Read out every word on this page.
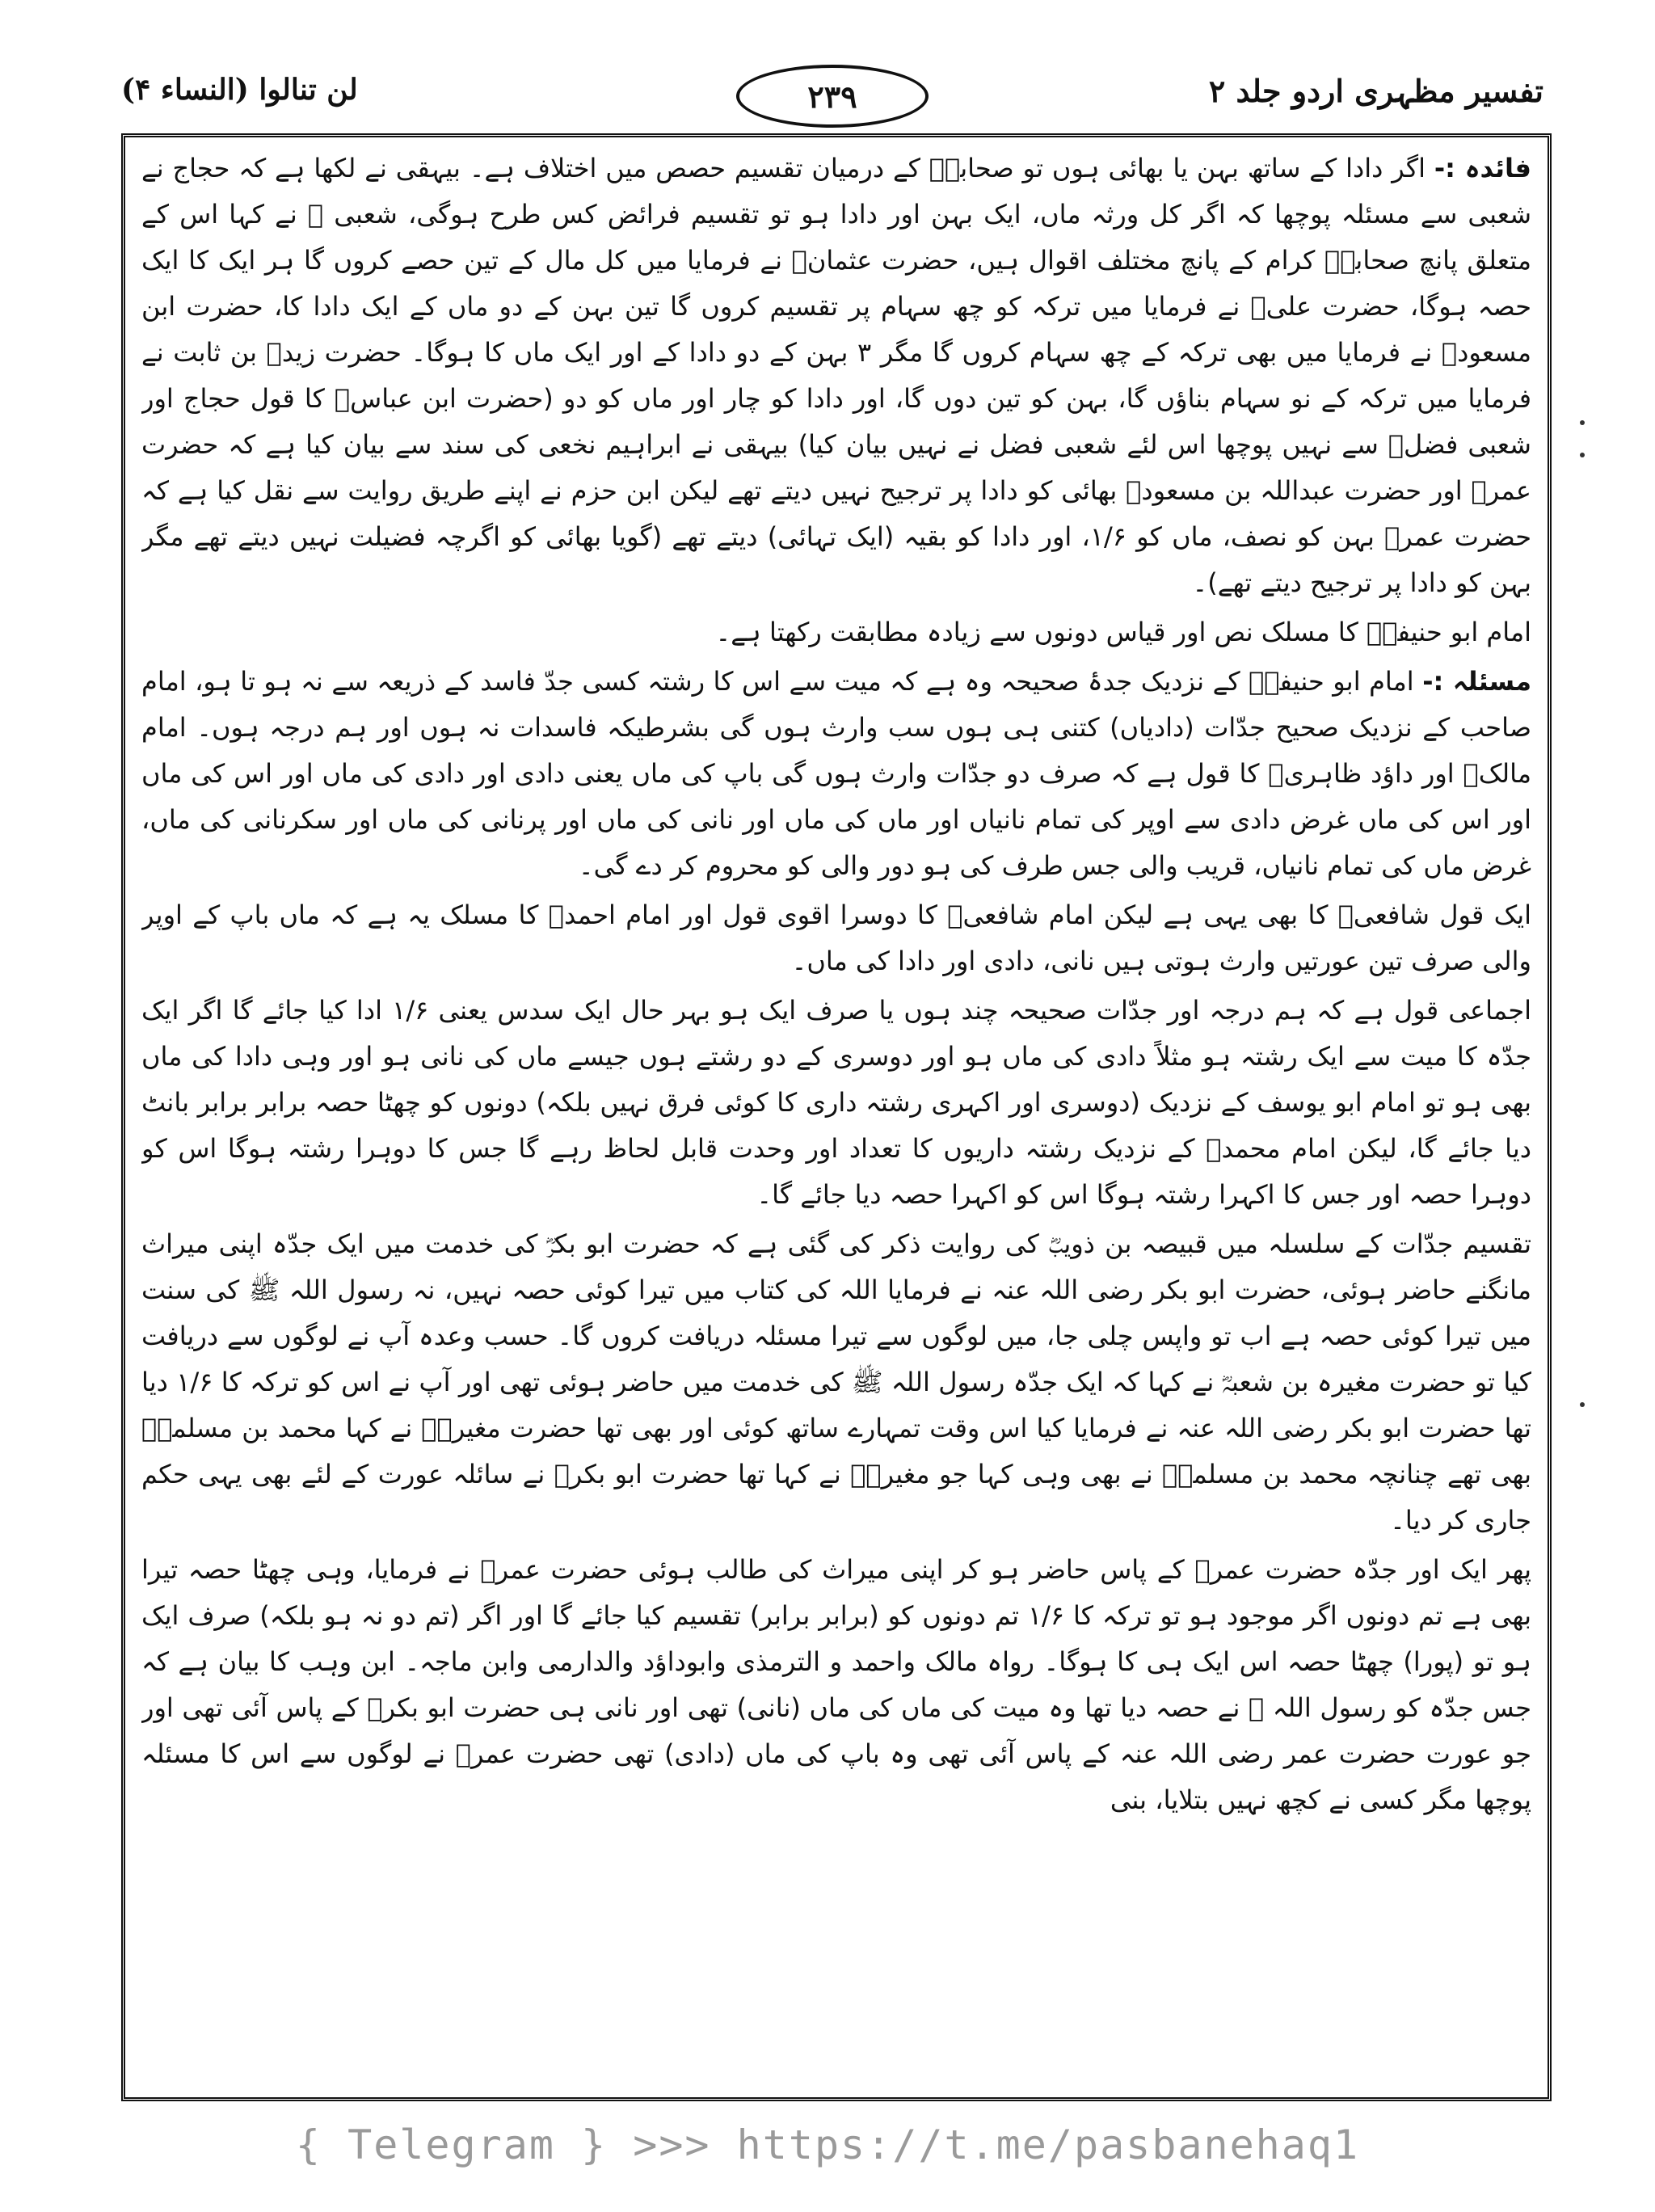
تفسیر مظہری اردو جلد ۲
۲۳۹
لن تنالوا (النساء ۴)

فائدہ :- اگر دادا کے ساتھ بہن یا بھائی ہوں تو صحابہؓ کے درمیان تقسیم حصص میں اختلاف ہے۔ بیہقی نے لکھا ہے کہ حجاج نے شعبی سے مسئلہ پوچھا کہ اگر کل ورثہ ماں، ایک بہن اور دادا ہو تو تقسیم فرائض کس طرح ہوگی، شعبی ؒ نے کہا اس کے متعلق پانچ صحابہؓ کرام کے پانچ مختلف اقوال ہیں، حضرت عثمانؓ نے فرمایا میں کل مال کے تین حصے کروں گا ہر ایک کا ایک حصہ ہوگا، حضرت علیؓ نے فرمایا میں ترکہ کو چھ سہام پر تقسیم کروں گا تین بہن کے دو ماں کے ایک دادا کا، حضرت ابن مسعودؓ نے فرمایا میں بھی ترکہ کے چھ سہام کروں گا مگر ۳ بہن کے دو دادا کے اور ایک ماں کا ہوگا۔ حضرت زیدؓ بن ثابت نے فرمایا میں ترکہ کے نو سہام بناؤں گا، بہن کو تین دوں گا، اور دادا کو چار اور ماں کو دو (حضرت ابن عباسؓ کا قول حجاج اور شعبی فضلؒ سے نہیں پوچھا اس لئے شعبی فضل نے نہیں بیان کیا) بیہقی نے ابراہیم نخعی کی سند سے بیان کیا ہے کہ حضرت عمرؓ اور حضرت عبداللہ بن مسعودؓ بھائی کو دادا پر ترجیح نہیں دیتے تھے لیکن ابن حزم نے اپنے طریق روایت سے نقل کیا ہے کہ حضرت عمرؓ بہن کو نصف، ماں کو ۱/۶، اور دادا کو بقیہ (ایک تہائی) دیتے تھے (گویا بھائی کو اگرچہ فضیلت نہیں دیتے تھے مگر بہن کو دادا پر ترجیح دیتے تھے)۔

امام ابو حنیفہؒ کا مسلک نص اور قیاس دونوں سے زیادہ مطابقت رکھتا ہے۔

مسئلہ :- امام ابو حنیفہؒ کے نزدیک جدۂ صحیحہ وہ ہے کہ میت سے اس کا رشتہ کسی جدّ فاسد کے ذریعہ سے نہ ہو تا ہو، امام صاحب کے نزدیک صحیح جدّات (دادیاں) کتنی ہی ہوں سب وارث ہوں گی بشرطیکہ فاسدات نہ ہوں اور ہم درجہ ہوں۔ امام مالکؒ اور داؤد ظاہریؒ کا قول ہے کہ صرف دو جدّات وارث ہوں گی باپ کی ماں یعنی دادی اور دادی کی ماں اور اس کی ماں اور اس کی ماں غرض دادی سے اوپر کی تمام نانیاں اور ماں کی ماں اور نانی کی ماں اور پرنانی کی ماں اور سکرنانی کی ماں، غرض ماں کی تمام نانیاں، قریب والی جس طرف کی ہو دور والی کو محروم کر دے گی۔

ایک قول شافعیؒ کا بھی یہی ہے لیکن امام شافعیؒ کا دوسرا اقوی قول اور امام احمدؒ کا مسلک یہ ہے کہ ماں باپ کے اوپر والی صرف تین عورتیں وارث ہوتی ہیں نانی، دادی اور دادا کی ماں۔

اجماعی قول ہے کہ ہم درجہ اور جدّات صحیحہ چند ہوں یا صرف ایک ہو بہر حال ایک سدس یعنی ۱/۶ ادا کیا جائے گا اگر ایک جدّہ کا میت سے ایک رشتہ ہو مثلاً دادی کی ماں ہو اور دوسری کے دو رشتے ہوں جیسے ماں کی نانی ہو اور وہی دادا کی ماں بھی ہو تو امام ابو یوسف کے نزدیک (دوسری اور اکہری رشتہ داری کا کوئی فرق نہیں بلکہ) دونوں کو چھٹا حصہ برابر برابر بانٹ دیا جائے گا، لیکن امام محمدؒ کے نزدیک رشتہ داریوں کا تعداد اور وحدت قابل لحاظ رہے گا جس کا دوہرا رشتہ ہوگا اس کو دوہرا حصہ اور جس کا اکہرا رشتہ ہوگا اس کو اکہرا حصہ دیا جائے گا۔

تقسیم جدّات کے سلسلہ میں قبیصہ بن ذویبؓ کی روایت ذکر کی گئی ہے کہ حضرت ابو بکرؓ کی خدمت میں ایک جدّہ اپنی میراث مانگنے حاضر ہوئی، حضرت ابو بکر رضی اللہ عنہ نے فرمایا اللہ کی کتاب میں تیرا کوئی حصہ نہیں، نہ رسول اللہ ﷺ کی سنت میں تیرا کوئی حصہ ہے اب تو واپس چلی جا، میں لوگوں سے تیرا مسئلہ دریافت کروں گا۔ حسب وعدہ آپ نے لوگوں سے دریافت کیا تو حضرت مغیرہ بن شعبہؓ نے کہا کہ ایک جدّہ رسول اللہ ﷺ کی خدمت میں حاضر ہوئی تھی اور آپ نے اس کو ترکہ کا ۱/۶ دیا تھا حضرت ابو بکر رضی اللہ عنہ نے فرمایا کیا اس وقت تمہارے ساتھ کوئی اور بھی تھا حضرت مغیرہؓ نے کہا محمد بن مسلمہؓ بھی تھے چنانچہ محمد بن مسلمہؓ نے بھی وہی کہا جو مغیرہؓ نے کہا تھا حضرت ابو بکرؓ نے سائلہ عورت کے لئے بھی یہی حکم جاری کر دیا۔

پھر ایک اور جدّہ حضرت عمرؓ کے پاس حاضر ہو کر اپنی میراث کی طالب ہوئی حضرت عمرؓ نے فرمایا، وہی چھٹا حصہ تیرا بھی ہے تم دونوں اگر موجود ہو تو ترکہ کا ۱/۶ تم دونوں کو (برابر برابر) تقسیم کیا جائے گا اور اگر (تم دو نہ ہو بلکہ) صرف ایک ہو تو (پورا) چھٹا حصہ اس ایک ہی کا ہوگا۔ رواہ مالک واحمد و الترمذی وابوداؤد والدارمی وابن ماجہ۔ ابن وہب کا بیان ہے کہ جس جدّہ کو رسول اللہ ﷺ نے حصہ دیا تھا وہ میت کی ماں کی ماں (نانی) تھی اور نانی ہی حضرت ابو بکرؓ کے پاس آئی تھی اور جو عورت حضرت عمر رضی اللہ عنہ کے پاس آئی تھی وہ باپ کی ماں (دادی) تھی حضرت عمرؓ نے لوگوں سے اس کا مسئلہ پوچھا مگر کسی نے کچھ نہیں بتلایا، بنی

{ Telegram } >>> https://t.me/pasbanehaq1
